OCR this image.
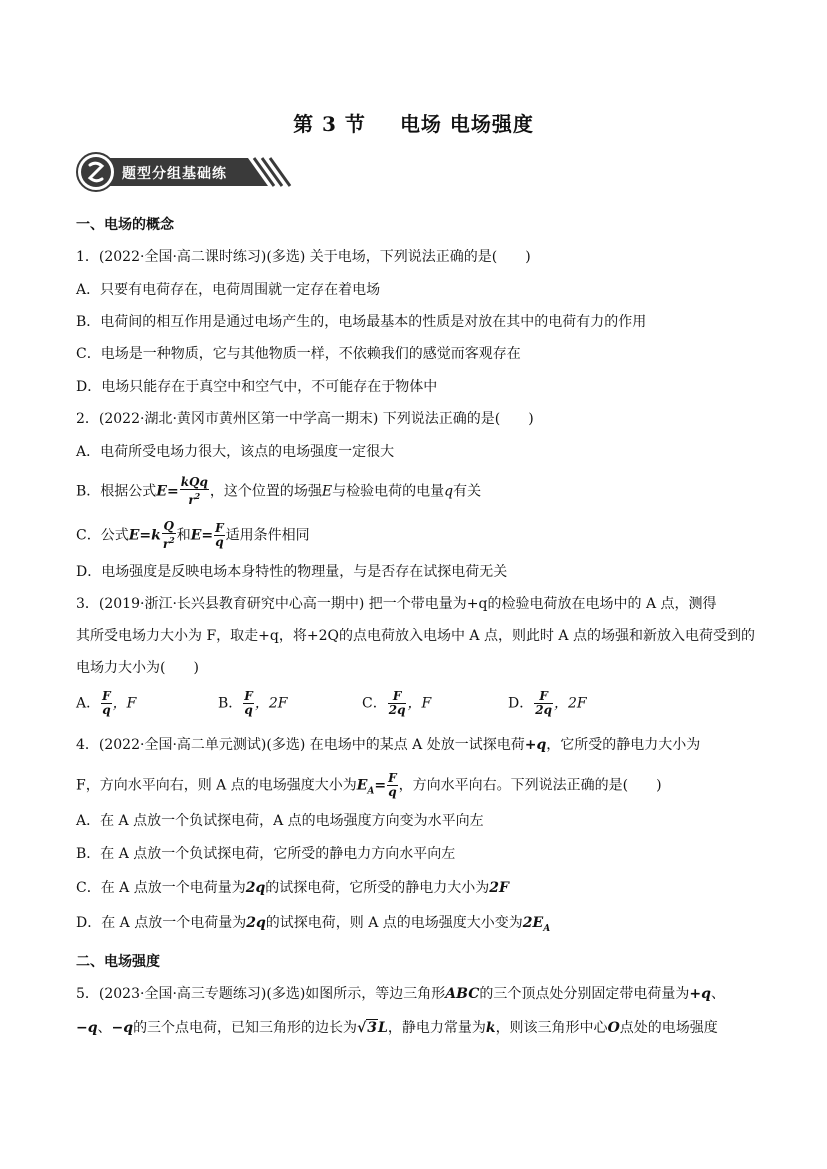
第 3 节 电场 电场强度
题型分组基础练
一、电场的概念
1．(2022·全国·高二课时练习)(多选) 关于电场，下列说法正确的是(　　)
A．只要有电荷存在，电荷周围就一定存在着电场
B．电荷间的相互作用是通过电场产生的，电场最基本的性质是对放在其中的电荷有力的作用
C．电场是一种物质，它与其他物质一样，不依赖我们的感觉而客观存在
D．电场只能存在于真空中和空气中，不可能存在于物体中
2．(2022·湖北·黄冈市黄州区第一中学高一期末) 下列说法正确的是(　　)
A．电荷所受电场力很大，该点的电场强度一定很大
B．根据公式$E= \frac{\text{kQq}}{r^2}$ ，这个位置的场强E与检验电荷的电量q有关
C．公式$E=k \frac{Q}{r^2}$ 和$E= \frac{F}{q}$ 适用条件相同
D．电场强度是反映电场本身特性的物理量，与是否存在试探电荷无关
3．(2019·浙江·长兴县教育研究中心高一期中) 把一个带电量为+q的检验电荷放在电场中的 A 点，测得
其所受电场力大小为 F，取走+q，将+2Q的点电荷放入电场中 A 点，则此时 A 点的场强和新放入电荷受到的
电场力大小为(　　)
A． $\frac{F}{q}$ ，F	B． $\frac{F}{q}$ ，2F	C． $\frac{F}{2q}$ ，F	D． $\frac{F}{2q}$ ，2F
4．(2022·全国·高二单元测试)(多选) 在电场中的某点 A 处放一试探电荷+q，它所受的静电力大小为
F，方向水平向右，则 A 点的电场强度大小为$E_A= \frac{F}{q}$ ，方向水平向右。下列说法正确的是(　　)
A．在 A 点放一个负试探电荷，A 点的电场强度方向变为水平向左
B．在 A 点放一个负试探电荷，它所受的静电力方向水平向左
C．在 A 点放一个电荷量为2q的试探电荷，它所受的静电力大小为2F
D．在 A 点放一个电荷量为2q的试探电荷，则 A 点的电场强度大小变为$2E_A$
二、电场强度
5．(2023·全国·高三专题练习)(多选)如图所示，等边三角形ABC的三个顶点处分别固定带电荷量为+q、
−q、−q的三个点电荷，已知三角形的边长为√3L，静电力常量为k，则该三角形中心O点处的电场强度
